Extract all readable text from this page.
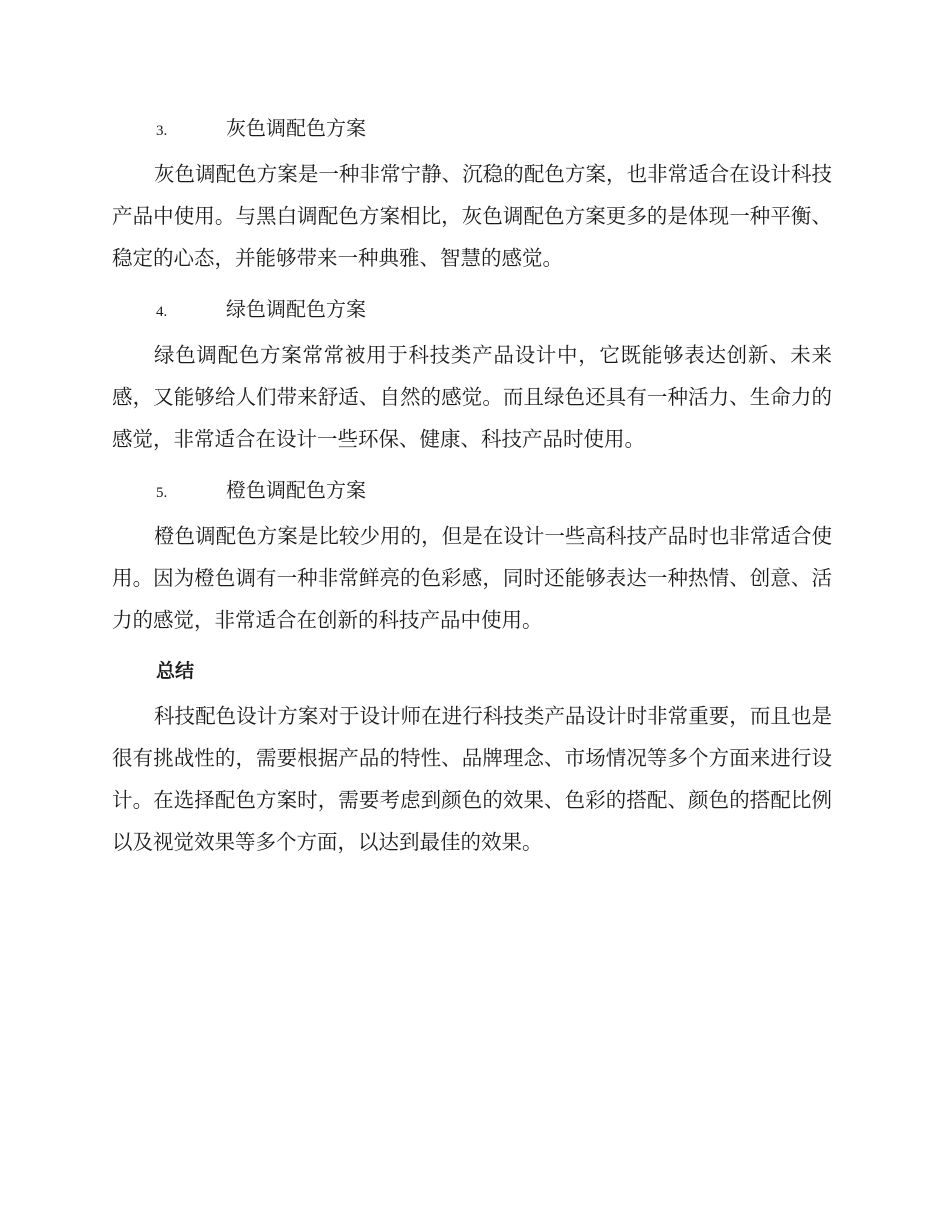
3.	灰色调配色方案

灰色调配色方案是一种非常宁静、沉稳的配色方案，也非常适合在设计科技产品中使用。与黑白调配色方案相比，灰色调配色方案更多的是体现一种平衡、稳定的心态，并能够带来一种典雅、智慧的感觉。

4.	绿色调配色方案

绿色调配色方案常常被用于科技类产品设计中，它既能够表达创新、未来感，又能够给人们带来舒适、自然的感觉。而且绿色还具有一种活力、生命力的感觉，非常适合在设计一些环保、健康、科技产品时使用。

5.	橙色调配色方案

橙色调配色方案是比较少用的，但是在设计一些高科技产品时也非常适合使用。因为橙色调有一种非常鲜亮的色彩感，同时还能够表达一种热情、创意、活力的感觉，非常适合在创新的科技产品中使用。

总结

科技配色设计方案对于设计师在进行科技类产品设计时非常重要，而且也是很有挑战性的，需要根据产品的特性、品牌理念、市场情况等多个方面来进行设计。在选择配色方案时，需要考虑到颜色的效果、色彩的搭配、颜色的搭配比例以及视觉效果等多个方面，以达到最佳的效果。
